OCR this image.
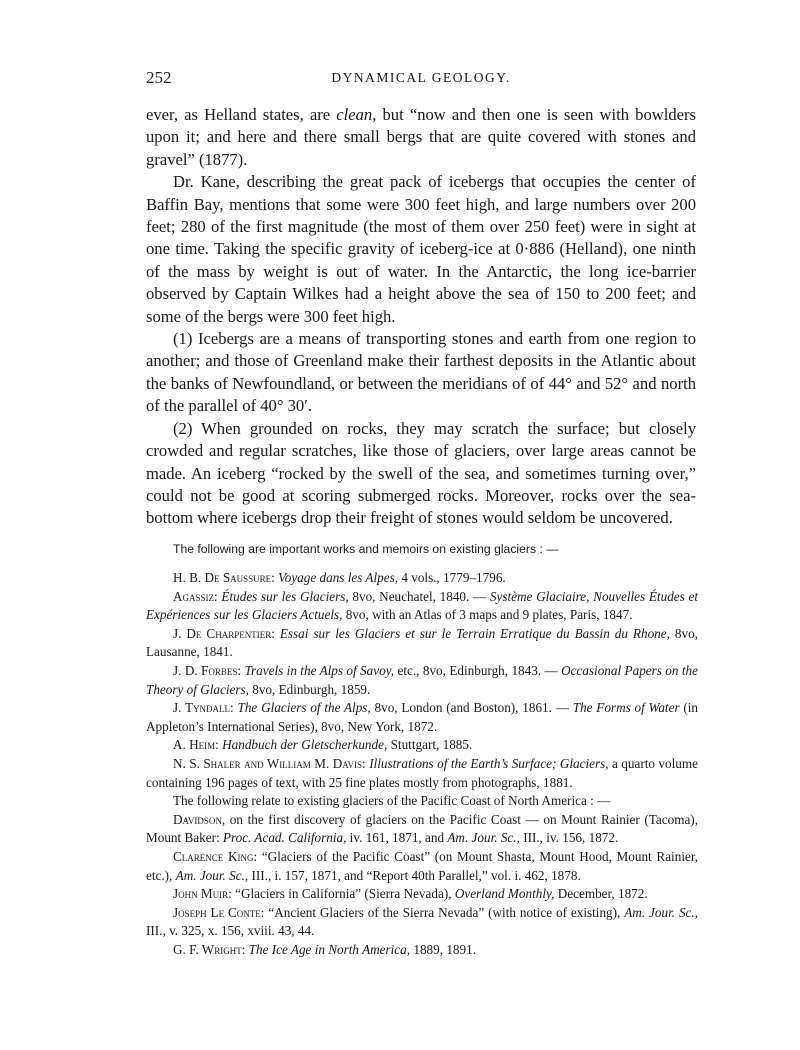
252	DYNAMICAL GEOLOGY.

ever, as Helland states, are clean, but “now and then one is seen with bowlders upon it; and here and there small bergs that are quite covered with stones and gravel” (1877).

Dr. Kane, describing the great pack of icebergs that occupies the center of Baffin Bay, mentions that some were 300 feet high, and large numbers over 200 feet; 280 of the first magnitude (the most of them over 250 feet) were in sight at one time. Taking the specific gravity of iceberg-ice at 0·886 (Helland), one ninth of the mass by weight is out of water. In the Antarctic, the long ice-barrier observed by Captain Wilkes had a height above the sea of 150 to 200 feet; and some of the bergs were 300 feet high.

(1) Icebergs are a means of transporting stones and earth from one region to another; and those of Greenland make their farthest deposits in the Atlantic about the banks of Newfoundland, or between the meridians of of 44° and 52° and north of the parallel of 40° 30′.

(2) When grounded on rocks, they may scratch the surface; but closely crowded and regular scratches, like those of glaciers, over large areas cannot be made. An iceberg “rocked by the swell of the sea, and sometimes turning over,” could not be good at scoring submerged rocks. Moreover, rocks over the sea-bottom where icebergs drop their freight of stones would seldom be uncovered.

The following are important works and memoirs on existing glaciers : —

H. B. De Saussure: Voyage dans les Alpes, 4 vols., 1779–1796.

Agassiz: Études sur les Glaciers, 8vo, Neuchatel, 1840. — Système Glaciaire, Nouvelles Études et Expériences sur les Glaciers Actuels, 8vo, with an Atlas of 3 maps and 9 plates, Paris, 1847.

J. De Charpentier: Essai sur les Glaciers et sur le Terrain Erratique du Bassin du Rhone, 8vo, Lausanne, 1841.

J. D. Forbes: Travels in the Alps of Savoy, etc., 8vo, Edinburgh, 1843. — Occasional Papers on the Theory of Glaciers, 8vo, Edinburgh, 1859.

J. Tyndall: The Glaciers of the Alps, 8vo, London (and Boston), 1861. — The Forms of Water (in Appleton’s International Series), 8vo, New York, 1872.

A. Heim: Handbuch der Gletscherkunde, Stuttgart, 1885.

N. S. Shaler and William M. Davis: Illustrations of the Earth’s Surface; Glaciers, a quarto volume containing 196 pages of text, with 25 fine plates mostly from photographs, 1881.

The following relate to existing glaciers of the Pacific Coast of North America : —

Davidson, on the first discovery of glaciers on the Pacific Coast — on Mount Rainier (Tacoma), Mount Baker: Proc. Acad. California, iv. 161, 1871, and Am. Jour. Sc., III., iv. 156, 1872.

Clarence King: “Glaciers of the Pacific Coast” (on Mount Shasta, Mount Hood, Mount Rainier, etc.), Am. Jour. Sc., III., i. 157, 1871, and “Report 40th Parallel,” vol. i. 462, 1878.

John Muir: “Glaciers in California” (Sierra Nevada), Overland Monthly, December, 1872.

Joseph Le Conte: “Ancient Glaciers of the Sierra Nevada” (with notice of existing), Am. Jour. Sc., III., v. 325, x. 156, xviii. 43, 44.

G. F. Wright: The Ice Age in North America, 1889, 1891.
